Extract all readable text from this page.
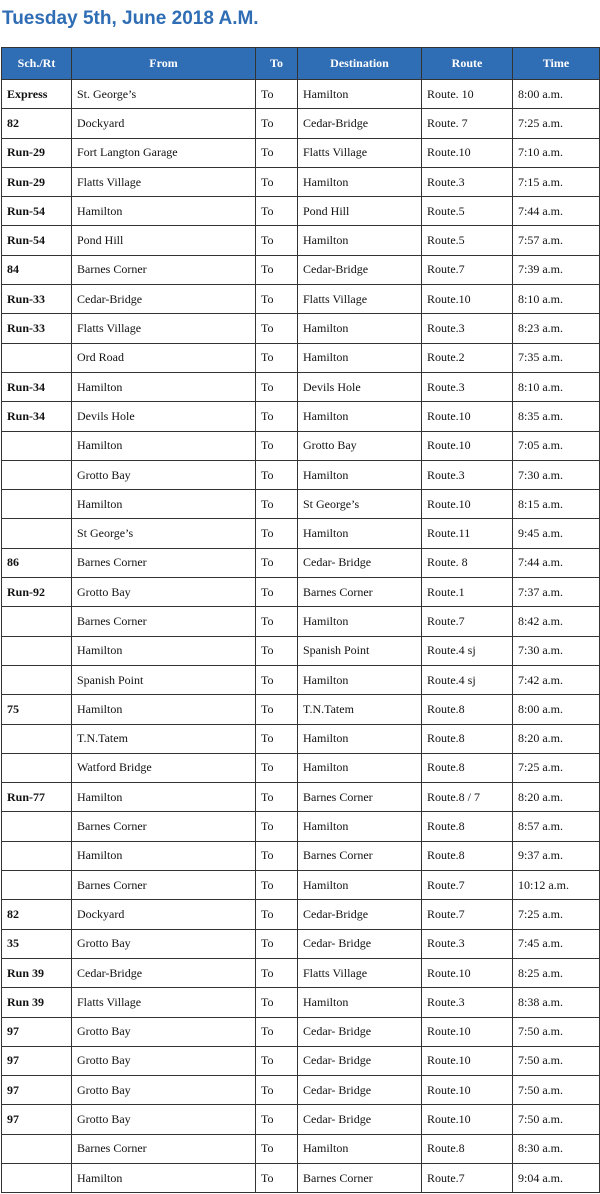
Tuesday 5th, June 2018 A.M.
Sch./Rt	From	To	Destination	Route	Time
Express	St. George’s	To	Hamilton	Route. 10	8:00 a.m.
82	Dockyard	To	Cedar-Bridge	Route. 7	7:25 a.m.
Run-29	Fort Langton Garage	To	Flatts Village	Route.10	7:10 a.m.
Run-29	Flatts Village	To	Hamilton	Route.3	7:15 a.m.
Run-54	Hamilton	To	Pond Hill	Route.5	7:44 a.m.
Run-54	Pond Hill	To	Hamilton	Route.5	7:57 a.m.
84	Barnes Corner	To	Cedar-Bridge	Route.7	7:39 a.m.
Run-33	Cedar-Bridge	To	Flatts Village	Route.10	8:10 a.m.
Run-33	Flatts Village	To	Hamilton	Route.3	8:23 a.m.
	Ord Road	To	Hamilton	Route.2	7:35 a.m.
Run-34	Hamilton	To	Devils Hole	Route.3	8:10 a.m.
Run-34	Devils Hole	To	Hamilton	Route.10	8:35 a.m.
	Hamilton	To	Grotto Bay	Route.10	7:05 a.m.
	Grotto Bay	To	Hamilton	Route.3	7:30 a.m.
	Hamilton	To	St George’s	Route.10	8:15 a.m.
	St George’s	To	Hamilton	Route.11	9:45 a.m.
86	Barnes Corner	To	Cedar- Bridge	Route. 8	7:44 a.m.
Run-92	Grotto Bay	To	Barnes Corner	Route.1	7:37 a.m.
	Barnes Corner	To	Hamilton	Route.7	8:42 a.m.
	Hamilton	To	Spanish Point	Route.4 sj	7:30 a.m.
	Spanish Point	To	Hamilton	Route.4 sj	7:42 a.m.
75	Hamilton	To	T.N.Tatem	Route.8	8:00 a.m.
	T.N.Tatem	To	Hamilton	Route.8	8:20 a.m.
	Watford Bridge	To	Hamilton	Route.8	7:25 a.m.
Run-77	Hamilton	To	Barnes Corner	Route.8 / 7	8:20 a.m.
	Barnes Corner	To	Hamilton	Route.8	8:57 a.m.
	Hamilton	To	Barnes Corner	Route.8	9:37 a.m.
	Barnes Corner	To	Hamilton	Route.7	10:12 a.m.
82	Dockyard	To	Cedar-Bridge	Route.7	7:25 a.m.
35	Grotto Bay	To	Cedar- Bridge	Route.3	7:45 a.m.
Run 39	Cedar-Bridge	To	Flatts Village	Route.10	8:25 a.m.
Run 39	Flatts Village	To	Hamilton	Route.3	8:38 a.m.
97	Grotto Bay	To	Cedar- Bridge	Route.10	7:50 a.m.
97	Grotto Bay	To	Cedar- Bridge	Route.10	7:50 a.m.
97	Grotto Bay	To	Cedar- Bridge	Route.10	7:50 a.m.
97	Grotto Bay	To	Cedar- Bridge	Route.10	7:50 a.m.
	Barnes Corner	To	Hamilton	Route.8	8:30 a.m.
	Hamilton	To	Barnes Corner	Route.7	9:04 a.m.
